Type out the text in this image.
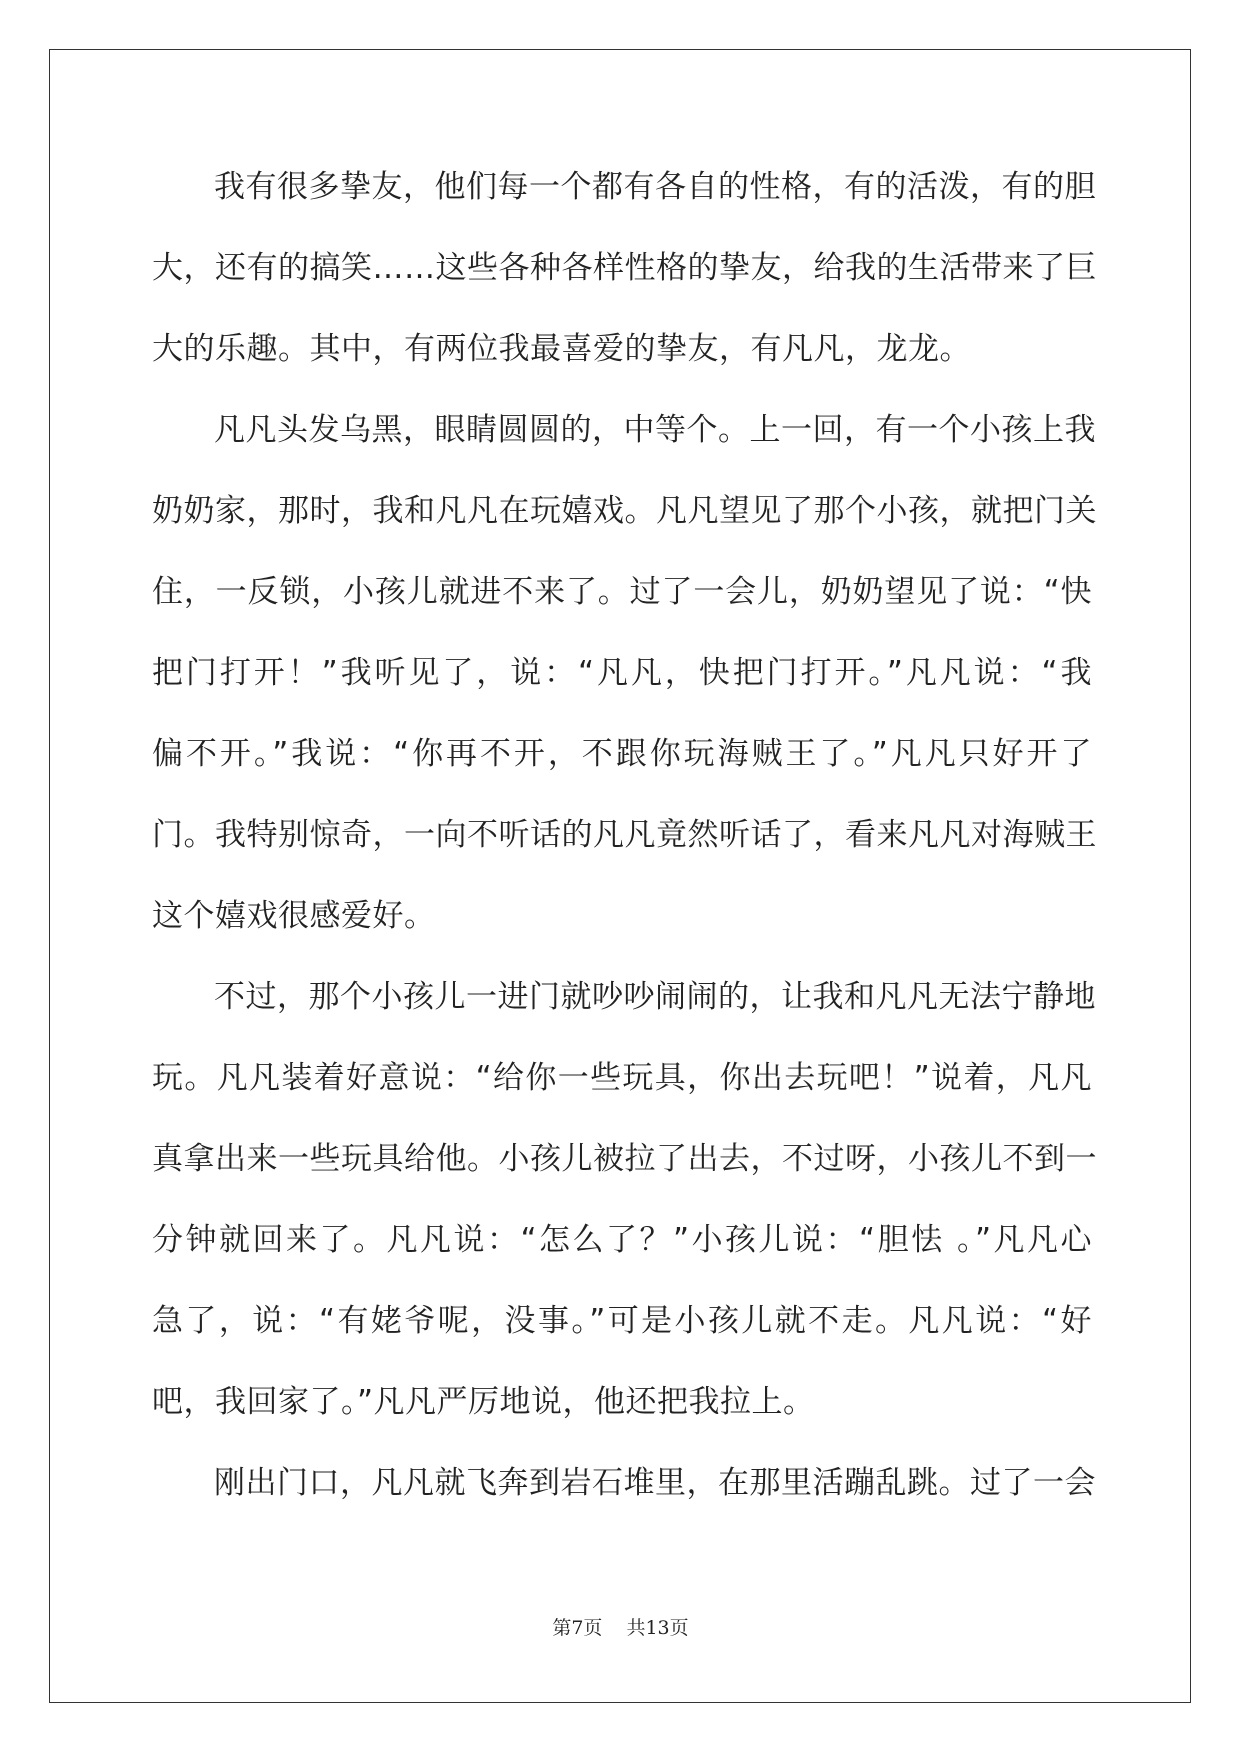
我有很多挚友，他们每一个都有各自的性格，有的活泼，有的胆
大，还有的搞笑……这些各种各样性格的挚友，给我的生活带来了巨
大的乐趣。其中，有两位我最喜爱的挚友，有凡凡，龙龙。
凡凡头发乌黑，眼睛圆圆的，中等个。上一回，有一个小孩上我
奶奶家，那时，我和凡凡在玩嬉戏。凡凡望见了那个小孩，就把门关
住，一反锁，小孩儿就进不来了。过了一会儿，奶奶望见了说：“快
把门打开！”我听见了，说：“凡凡，快把门打开。”凡凡说：“我
偏不开。”我说：“你再不开，不跟你玩海贼王了。”凡凡只好开了
门。我特别惊奇，一向不听话的凡凡竟然听话了，看来凡凡对海贼王
这个嬉戏很感爱好。
不过，那个小孩儿一进门就吵吵闹闹的，让我和凡凡无法宁静地
玩。凡凡装着好意说：“给你一些玩具，你出去玩吧！”说着，凡凡
真拿出来一些玩具给他。小孩儿被拉了出去，不过呀，小孩儿不到一
分钟就回来了。凡凡说：“怎么了？”小孩儿说：“胆怯 。”凡凡心
急了，说：“有姥爷呢，没事。”可是小孩儿就不走。凡凡说：“好
吧，我回家了。”凡凡严厉地说，他还把我拉上。
刚出门口，凡凡就飞奔到岩石堆里，在那里活蹦乱跳。过了一会
第7页 共13页
